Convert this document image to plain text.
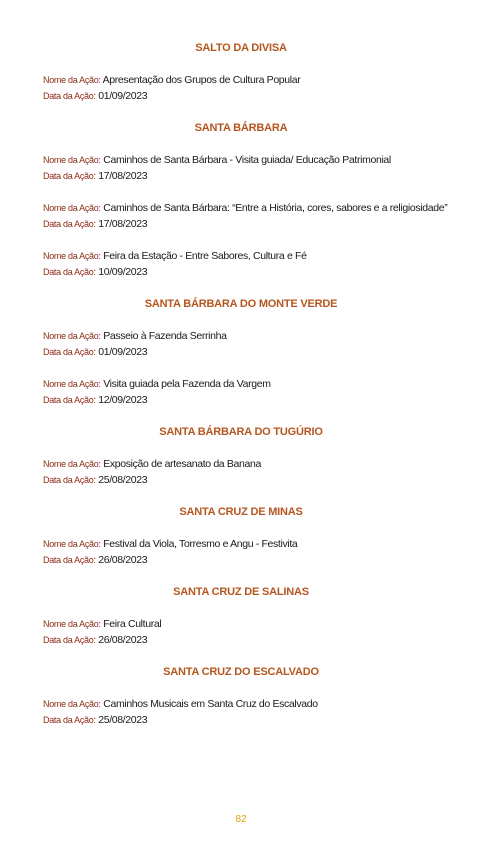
SALTO DA DIVISA
Nome da Ação: Apresentação dos Grupos de Cultura Popular
Data da Ação: 01/09/2023
SANTA BÁRBARA
Nome da Ação: Caminhos de Santa Bárbara - Visita guiada/ Educação Patrimonial
Data da Ação: 17/08/2023
Nome da Ação: Caminhos de Santa Bárbara: “Entre a História, cores, sabores e a religiosidade”
Data da Ação: 17/08/2023
Nome da Ação: Feira da Estação - Entre Sabores, Cultura e Fé
Data da Ação: 10/09/2023
SANTA BÁRBARA DO MONTE VERDE
Nome da Ação: Passeio à Fazenda Serrinha
Data da Ação: 01/09/2023
Nome da Ação: Visita guiada pela Fazenda da Vargem
Data da Ação: 12/09/2023
SANTA BÁRBARA DO TUGÚRIO
Nome da Ação: Exposição de artesanato da Banana
Data da Ação: 25/08/2023
SANTA CRUZ DE MINAS
Nome da Ação: Festival da Viola, Torresmo e Angu - Festivita
Data da Ação: 26/08/2023
SANTA CRUZ DE SALINAS
Nome da Ação: Feira Cultural
Data da Ação: 26/08/2023
SANTA CRUZ DO ESCALVADO
Nome da Ação: Caminhos Musicais em Santa Cruz do Escalvado
Data da Ação: 25/08/2023
82
